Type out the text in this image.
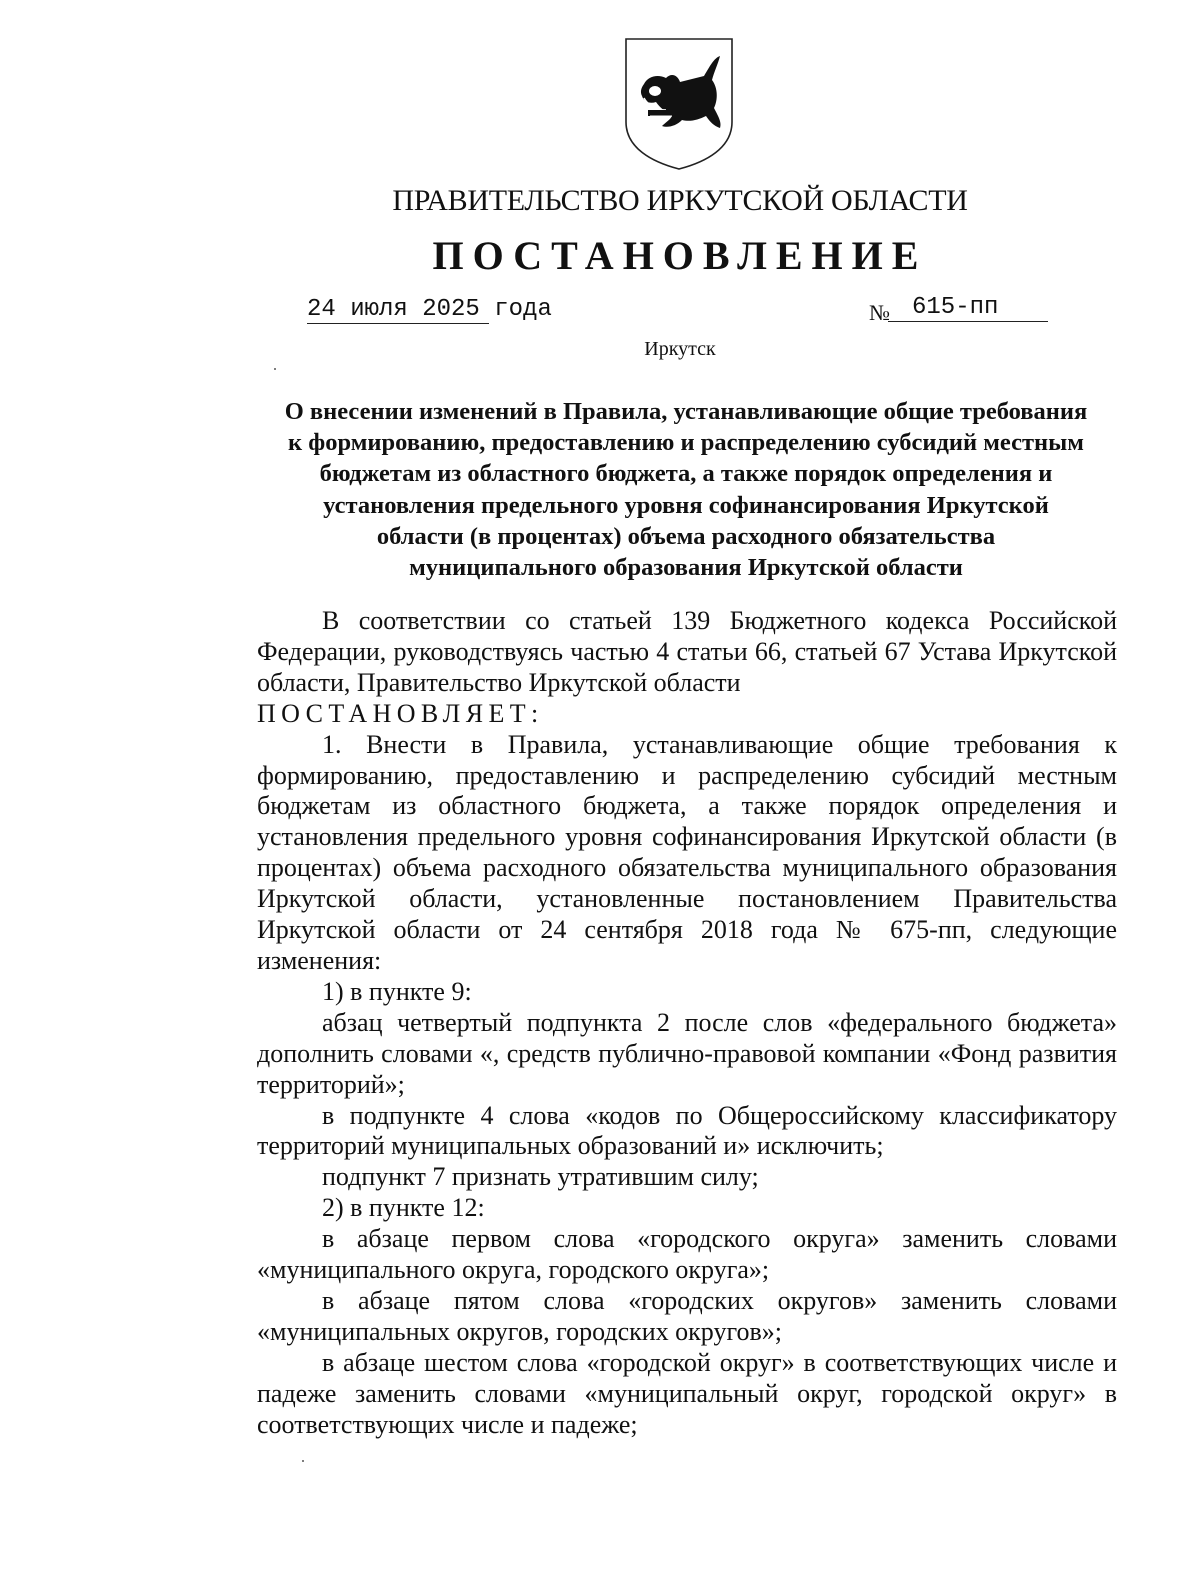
ПРАВИТЕЛЬСТВО ИРКУТСКОЙ ОБЛАСТИ
ПОСТАНОВЛЕНИЕ
24 июля 2025 года	№ 615-пп
Иркутск
О внесении изменений в Правила, устанавливающие общие требования
к формированию, предоставлению и распределению субсидий местным
бюджетам из областного бюджета, а также порядок определения и
установления предельного уровня софинансирования Иркутской
области (в процентах) объема расходного обязательства
муниципального образования Иркутской области

В соответствии со статьей 139 Бюджетного кодекса Российской Федерации, руководствуясь частью 4 статьи 66, статьей 67 Устава Иркутской области, Правительство Иркутской области

ПОСТАНОВЛЯЕТ:

1. Внести в Правила, устанавливающие общие требования к формированию, предоставлению и распределению субсидий местным бюджетам из областного бюджета, а также порядок определения и установления предельного уровня софинансирования Иркутской области (в процентах) объема расходного обязательства муниципального образования Иркутской области, установленные постановлением Правительства Иркутской области от 24 сентября 2018 года № 675-пп, следующие изменения:

1) в пункте 9:

абзац четвертый подпункта 2 после слов «федерального бюджета» дополнить словами «, средств публично-правовой компании «Фонд развития территорий»;

в подпункте 4 слова «кодов по Общероссийскому классификатору территорий муниципальных образований и» исключить;

подпункт 7 признать утратившим силу;

2) в пункте 12:

в абзаце первом слова «городского округа» заменить словами «муниципального округа, городского округа»;

в абзаце пятом слова «городских округов» заменить словами «муниципальных округов, городских округов»;

в абзаце шестом слова «городской округ» в соответствующих числе и падеже заменить словами «муниципальный округ, городской округ» в соответствующих числе и падеже;
